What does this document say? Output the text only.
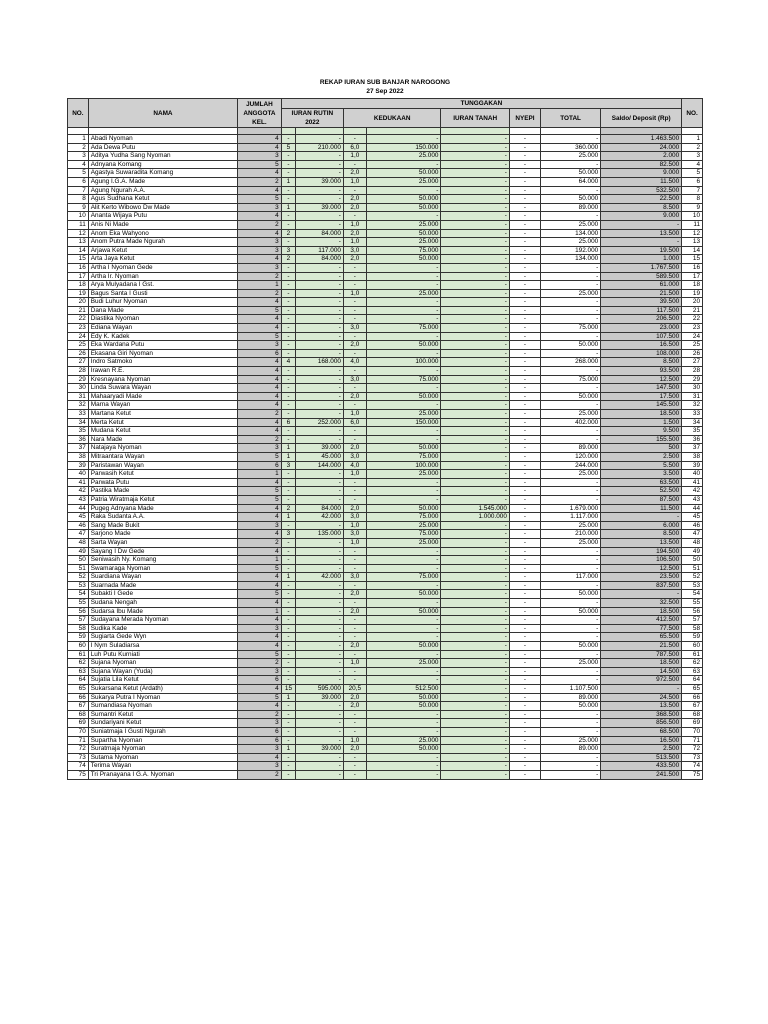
REKAP IURAN SUB BANJAR NAROGONG
27 Sep 2022
NO.	NAMA	JUMLAH ANGGOTA KEL.	TUNGGAKAN								NO.
			IURAN RUTIN 2022		KEDUKAAN		IURAN TANAH	NYEPI	TOTAL	Saldo/ Deposit (Rp)	

1	Abadi Nyoman	4	-	-	-	-	-	-	-	1.463.500	1
2	Ada Dewa Putu	4	5	210.000	6,0	150.000	-	-	360.000	24.000	2
3	Aditya Yudha Sang Nyoman	3	-	-	1,0	25.000	-	-	25.000	2.000	3
4	Adnyana Komang	5	-	-	-	-	-	-	-	82.500	4
5	Agastya Suwaradita Komang	4	-	-	2,0	50.000	-	-	50.000	9.000	5
6	Agung I.G.A. Made	2	1	39.000	1,0	25.000	-	-	64.000	11.500	6
7	Agung Ngurah A.A.	4	-	-	-	-	-	-	-	532.500	7
8	Agus Sudhana Ketut	5	-	-	2,0	50.000	-	-	50.000	22.500	8
9	Alit Kerto Wibowo Dw Made	3	1	39.000	2,0	50.000	-	-	89.000	8.500	9
10	Ananta Wijaya Putu	4	-	-	-	-	-	-	-	9.000	10
11	Anis Ni Made	2	-	-	1,0	25.000	-	-	25.000	-	11
12	Anom Eka Wahyono	4	2	84.000	2,0	50.000	-	-	134.000	13.500	12
13	Anom Putra Made Ngurah	3	-	-	1,0	25.000	-	-	25.000	-	13
14	Arjawa Ketut	3	3	117.000	3,0	75.000	-	-	192.000	19.500	14
15	Arta Jaya Ketut	4	2	84.000	2,0	50.000	-	-	134.000	1.000	15
16	Artha I Nyoman Gede	3	-	-	-	-	-	-	-	1.767.500	16
17	Artha Ir. Nyoman	2	-	-	-	-	-	-	-	589.500	17
18	Arya Mulyadana I Gst.	1	-	-	-	-	-	-	-	61.000	18
19	Bagus Santa I Gusti	2	-	-	1,0	25.000	-	-	25.000	21.500	19
20	Budi Luhur Nyoman	4	-	-	-	-	-	-	-	39.500	20
21	Dana Made	5	-	-	-	-	-	-	-	117.500	21
22	Diastika Nyoman	4	-	-	-	-	-	-	-	206.500	22
23	Ediana Wayan	4	-	-	3,0	75.000	-	-	75.000	23.000	23
24	Edy K. Kadek	5	-	-	-	-	-	-	-	107.500	24
25	Eka Wardana Putu	3	-	-	2,0	50.000	-	-	50.000	16.500	25
26	Ekasana Giri Nyoman	6	-	-	-	-	-	-	-	108.000	26
27	Indro Satmoko	4	4	168.000	4,0	100.000	-	-	268.000	8.500	27
28	Irawan R.E.	4	-	-	-	-	-	-	-	93.500	28
29	Kresnayana Nyoman	4	-	-	3,0	75.000	-	-	75.000	12.500	29
30	Linda Suwara Wayan	4	-	-	-	-	-	-	-	147.500	30
31	Mahaaryadi Made	4	-	-	2,0	50.000	-	-	50.000	17.500	31
32	Marna Wayan	4	-	-	-	-	-	-	-	145.500	32
33	Martana Ketut	2	-	-	1,0	25.000	-	-	25.000	18.500	33
34	Merta Ketut	4	6	252.000	6,0	150.000	-	-	402.000	1.500	34
35	Mudana Ketut	4	-	-	-	-	-	-	-	9.500	35
36	Nara Made	2	-	-	-	-	-	-	-	155.500	36
37	Natajaya Nyoman	3	1	39.000	2,0	50.000	-	-	89.000	500	37
38	Mitraantara Wayan	5	1	45.000	3,0	75.000	-	-	120.000	2.500	38
39	Paristawan Wayan	6	3	144.000	4,0	100.000	-	-	244.000	5.500	39
40	Parwasih Ketut	1	-	-	1,0	25.000	-	-	25.000	3.500	40
41	Parwata Putu	4	-	-	-	-	-	-	-	63.500	41
42	Pastika Made	5	-	-	-	-	-	-	-	52.500	42
43	Patria Wiratmaja Ketut	5	-	-	-	-	-	-	-	87.500	43
44	Pugeg Adnyana Made	4	2	84.000	2,0	50.000	1.545.000	-	1.679.000	11.500	44
45	Raka Sudanta A.A.	4	1	42.000	3,0	75.000	1.000.000	-	1.117.000	-	45
46	Sang Made Bukit	3	-	-	1,0	25.000	-	-	25.000	6.000	46
47	Sarjono Made	4	3	135.000	3,0	75.000	-	-	210.000	8.500	47
48	Sarta Wayan	2	-	-	1,0	25.000	-	-	25.000	13.500	48
49	Sayang I Dw Gede	4	-	-	-	-	-	-	-	194.500	49
50	Seniwasih Ny. Komang	1	-	-	-	-	-	-	-	106.500	50
51	Swamaraga Nyoman	5	-	-	-	-	-	-	-	12.500	51
52	Suardiana Wayan	4	1	42.000	3,0	75.000	-	-	117.000	23.500	52
53	Suarnada Made	4	-	-	-	-	-	-	-	837.500	53
54	Subakti I Gede	5	-	-	2,0	50.000	-	-	50.000	-	54
55	Sudana Nengah	4	-	-	-	-	-	-	-	32.500	55
56	Sudarsa Ibu Made	1	-	-	2,0	50.000	-	-	50.000	18.500	56
57	Sudayana Merada Nyoman	4	-	-	-	-	-	-	-	412.500	57
58	Sudika Kade	3	-	-	-	-	-	-	-	77.500	58
59	Sugiarta Gede Wyn	4	-	-	-	-	-	-	-	65.500	59
60	I Nym Suladiarsa	4	-	-	2,0	50.000	-	-	50.000	21.500	60
61	Luh Putu Kurniati	5	-	-	-	-	-	-	-	787.500	61
62	Sujana Nyoman	2	-	-	1,0	25.000	-	-	25.000	18.500	62
63	Sujana Wayan (Yuda)	3	-	-	-	-	-	-	-	14.500	63
64	Sujatia Lila Ketut	6	-	-	-	-	-	-	-	972.500	64
65	Sukarsana Ketut (Ardath)	4	15	595.000	20,5	512.500	-	-	1.107.500	-	65
66	Sukarya Putra I Nyoman	5	1	39.000	2,0	50.000	-	-	89.000	24.500	66
67	Sumandiasa Nyoman	4	-	-	2,0	50.000	-	-	50.000	13.500	67
68	Sumantri Ketut	2	-	-	-	-	-	-	-	368.500	68
69	Sundariyani Ketut	3	-	-	-	-	-	-	-	856.500	69
70	Suniatmaja I Gusti Ngurah	6	-	-	-	-	-	-	-	68.500	70
71	Supartha Nyoman	6	-	-	1,0	25.000	-	-	25.000	16.500	71
72	Suratmaja Nyoman	3	1	39.000	2,0	50.000	-	-	89.000	2.500	72
73	Sutama Nyoman	4	-	-	-	-	-	-	-	513.500	73
74	Terima Wayan	3	-	-	-	-	-	-	-	433.500	74
75	Tri Pranayana I G.A. Nyoman	2	-	-	-	-	-	-	-	241.500	75
